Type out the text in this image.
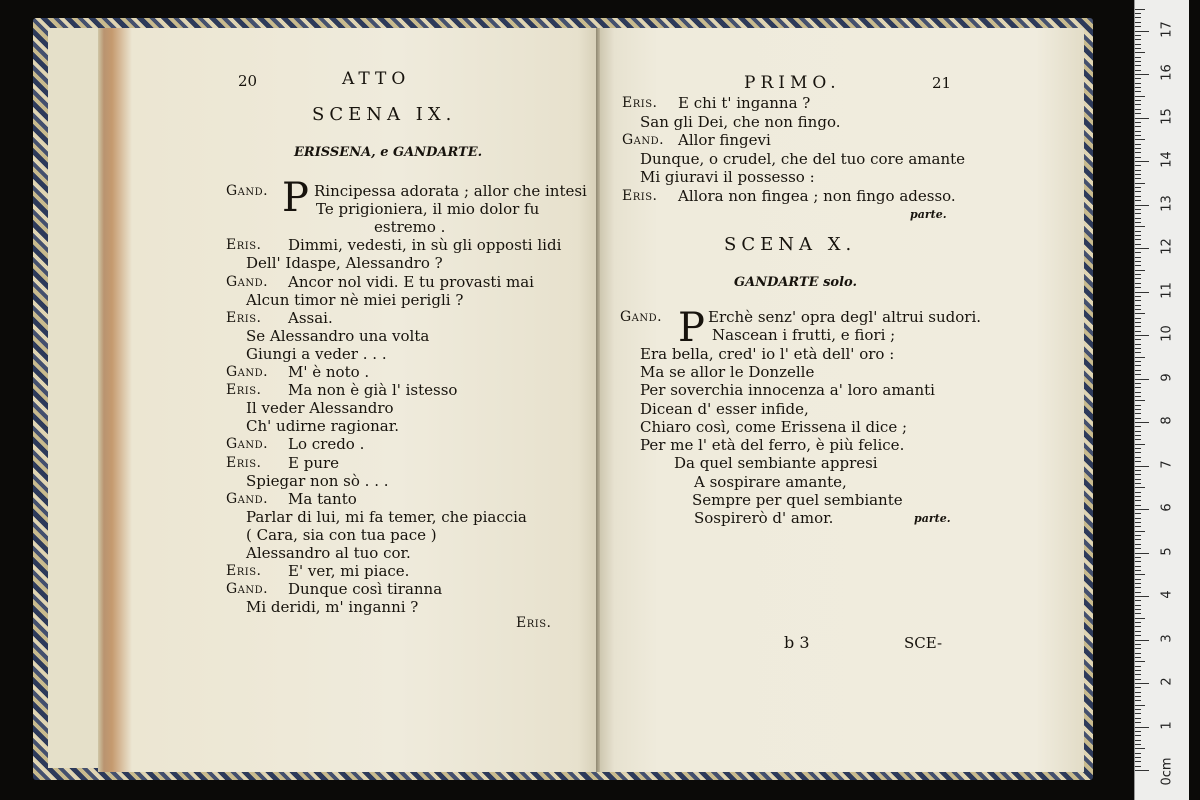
20	ATTO
SCENA IX.
ERISSENA, e GANDARTE.
P
Gand.	Rincipessa adorata ; allor che intesi
Te prigioniera, il mio dolor fu
estremo .
Eris. Dimmi, vedesti, in sù gli opposti lidi
Dell' Idaspe, Alessandro ?
Gand. Ancor nol vidi. E tu provasti mai
Alcun timor nè miei perigli ?
Eris. Assai.
Se Alessandro una volta
Giungi a veder . . .
Gand. M' è noto .
Eris. Ma non è già l' istesso
Il veder Alessandro
Ch' udirne ragionar.
Gand. Lo credo .
Eris. E pure
Spiegar non sò . . .
Gand. Ma tanto
Parlar di lui, mi fa temer, che piaccia
( Cara, sia con tua pace )
Alessandro al tuo cor.
Eris. E' ver, mi piace.
Gand. Dunque così tiranna
Mi deridi, m' inganni ?
Eris.
PRIMO.	21
Eris. E chi t' inganna ?
San gli Dei, che non fingo.
Gand. Allor fingevi
Dunque, o crudel, che del tuo core amante
Mi giuravi il possesso :
Eris. Allora non fingea ; non fingo adesso.
parte.
SCENA X.
GANDARTE solo.
P
Gand.	Erchè senz' opra degl' altrui sudori.
Nascean i frutti, e fiori ;
Era bella, cred' io l' età dell' oro :
Ma se allor le Donzelle
Per soverchia innocenza a' loro amanti
Dicean d' esser infide,
Chiaro così, come Erissena il dice ;
Per me l' età del ferro, è più felice.
Da quel sembiante appresi
A sospirare amante,
Sempre per quel sembiante
Sospirerò d' amor.	parte.
b 3	SCE-
1
2
3
4
5
6
7
8
9
10
11
12
13
14
15
16
17
0cm
